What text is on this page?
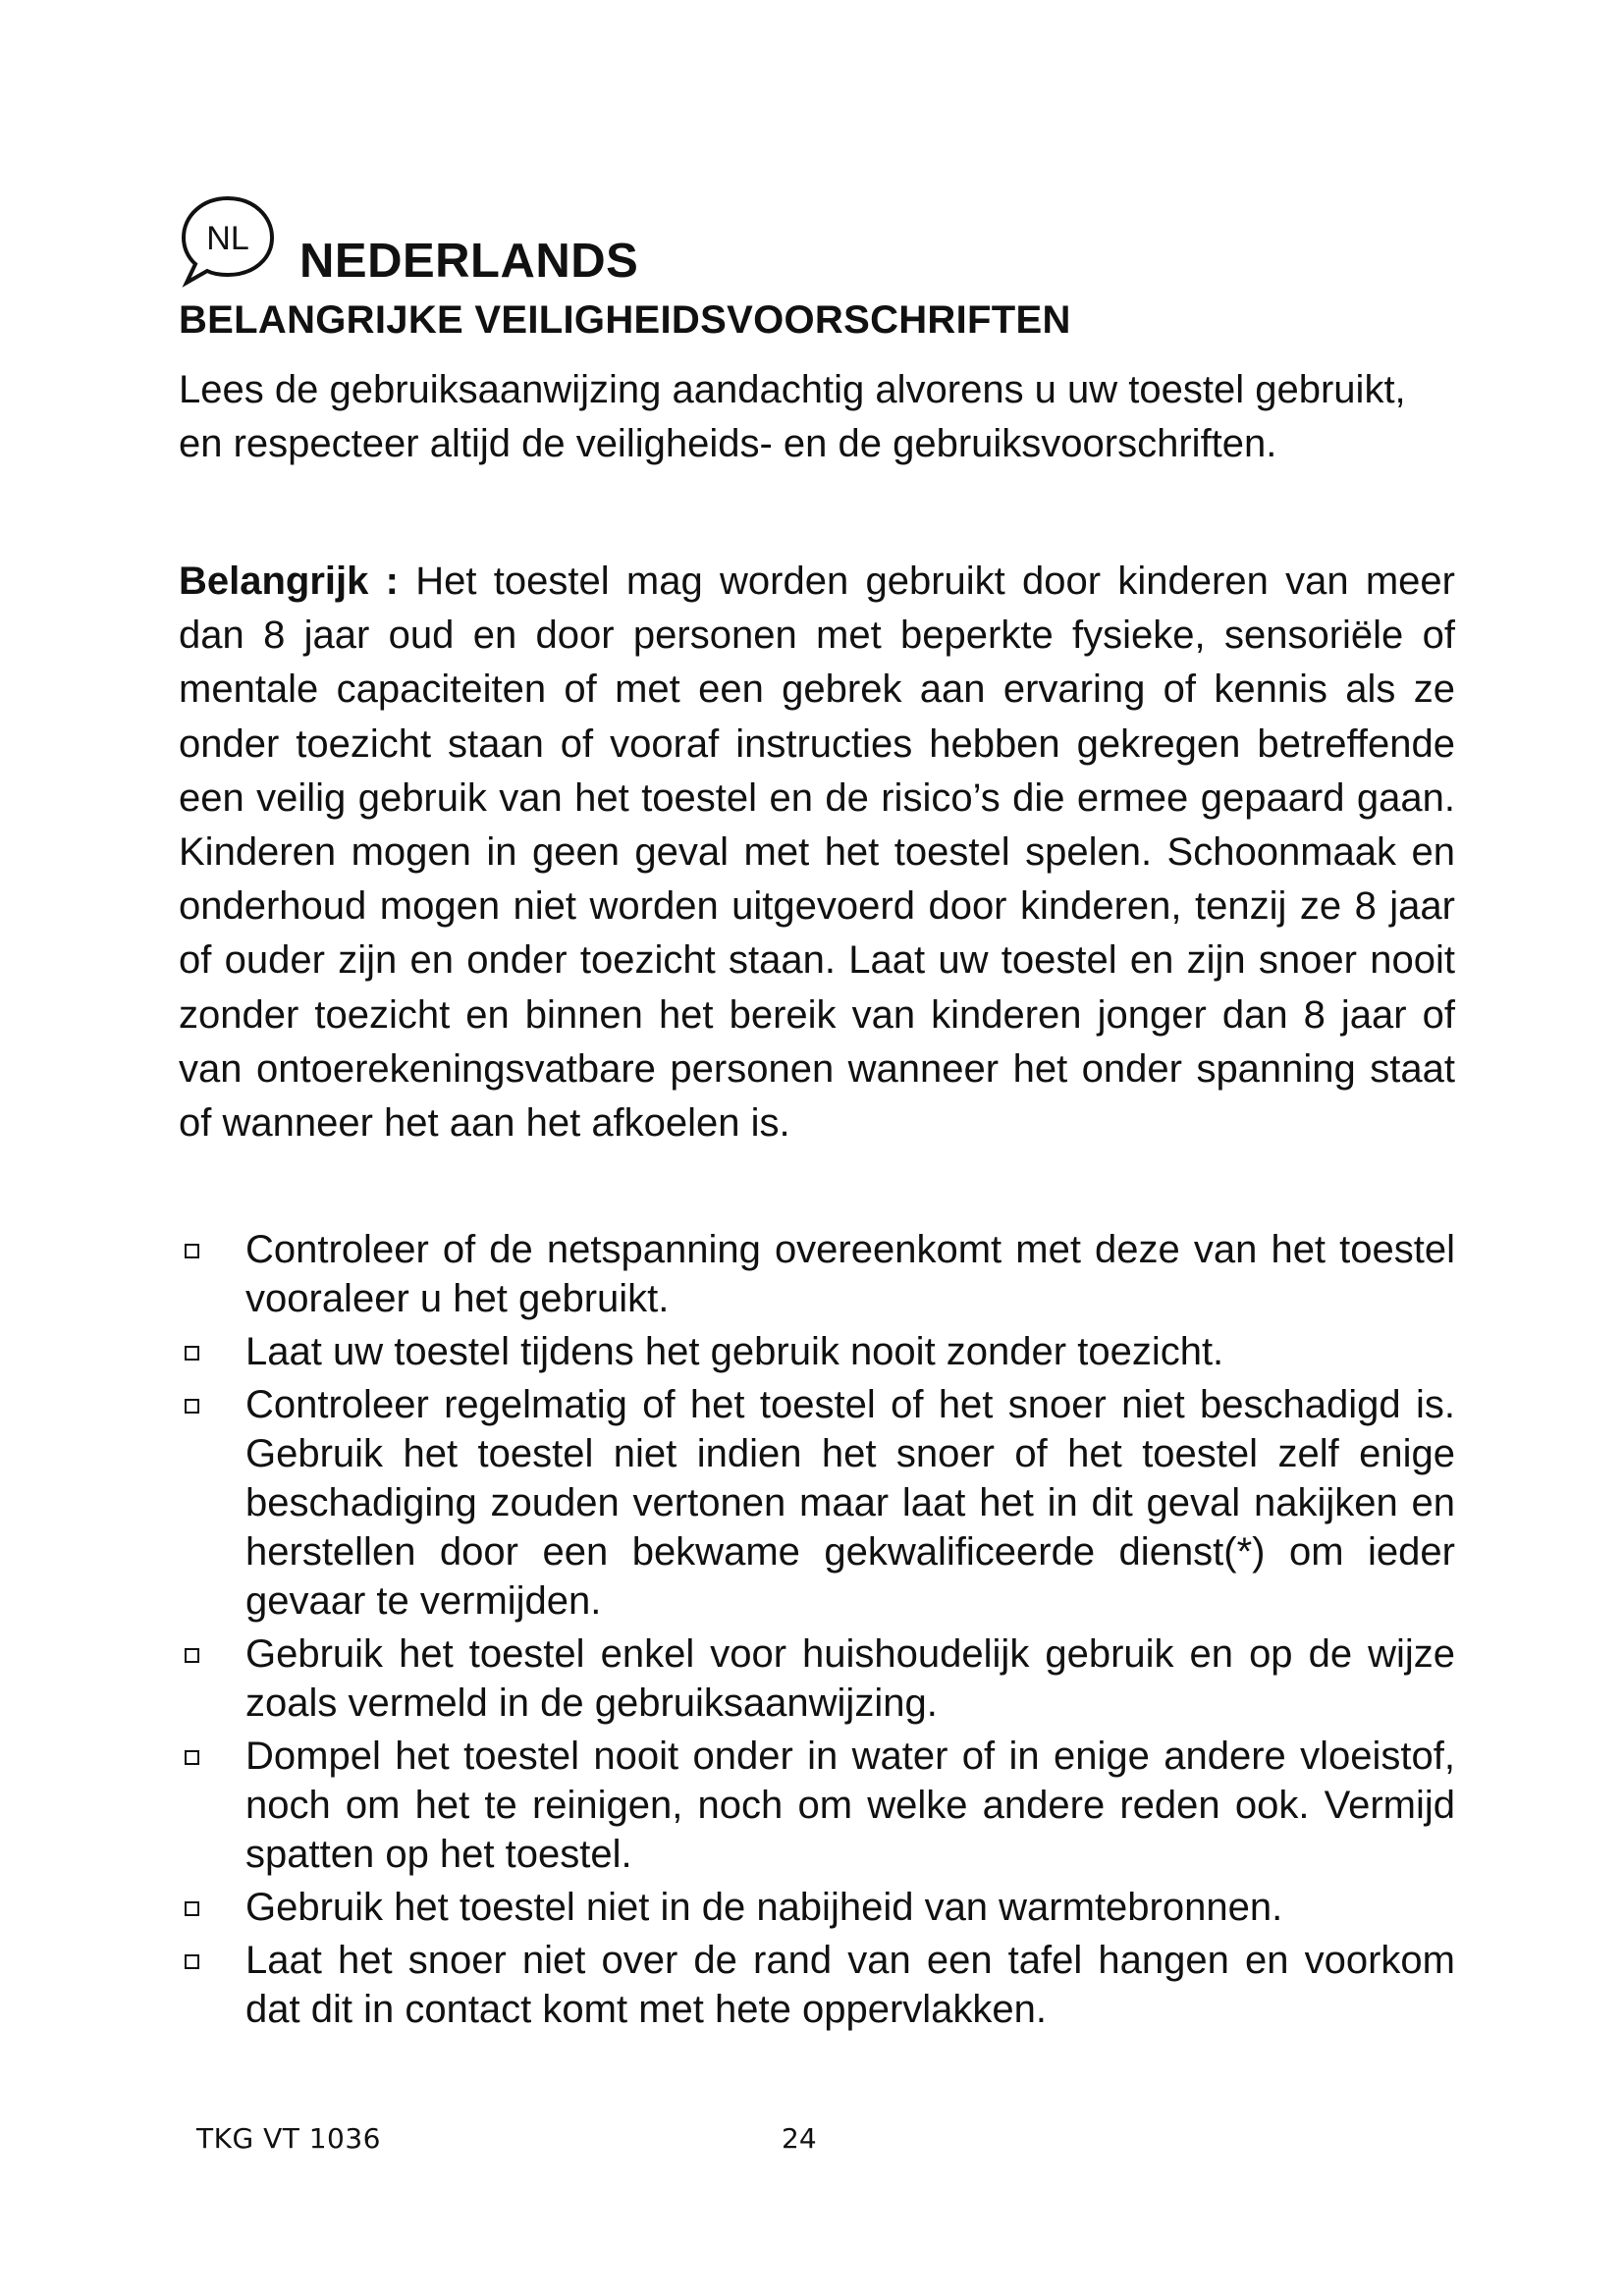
NL NEDERLANDS
BELANGRIJKE VEILIGHEIDSVOORSCHRIFTEN

Lees de gebruiksaanwijzing aandachtig alvorens u uw toestel gebruikt, en respecteer altijd de veiligheids- en de gebruiksvoorschriften.

Belangrijk : Het toestel mag worden gebruikt door kinderen van meer dan 8 jaar oud en door personen met beperkte fysieke, sensoriële of mentale capaciteiten of met een gebrek aan ervaring of kennis als ze onder toezicht staan of vooraf instructies hebben gekregen betreffende een veilig gebruik van het toestel en de risico’s die ermee gepaard gaan. Kinderen mogen in geen geval met het toestel spelen. Schoonmaak en onderhoud mogen niet worden uitgevoerd door kinderen, tenzij ze 8 jaar of ouder zijn en onder toezicht staan. Laat uw toestel en zijn snoer nooit zonder toezicht en binnen het bereik van kinderen jonger dan 8 jaar of van ontoerekeningsvatbare personen wanneer het onder spanning staat of wanneer het aan het afkoelen is.

Controleer of de netspanning overeenkomt met deze van het toestel vooraleer u het gebruikt.
Laat uw toestel tijdens het gebruik nooit zonder toezicht.
Controleer regelmatig of het toestel of het snoer niet beschadigd is. Gebruik het toestel niet indien het snoer of het toestel zelf enige beschadiging zouden vertonen maar laat het in dit geval nakijken en herstellen door een bekwame gekwalificeerde dienst(*) om ieder gevaar te vermijden.
Gebruik het toestel enkel voor huishoudelijk gebruik en op de wijze zoals vermeld in de gebruiksaanwijzing.
Dompel het toestel nooit onder in water of in enige andere vloeistof, noch om het te reinigen, noch om welke andere reden ook. Vermijd spatten op het toestel.
Gebruik het toestel niet in de nabijheid van warmtebronnen.
Laat het snoer niet over de rand van een tafel hangen en voorkom dat dit in contact komt met hete oppervlakken.
TKG VT 1036	24
